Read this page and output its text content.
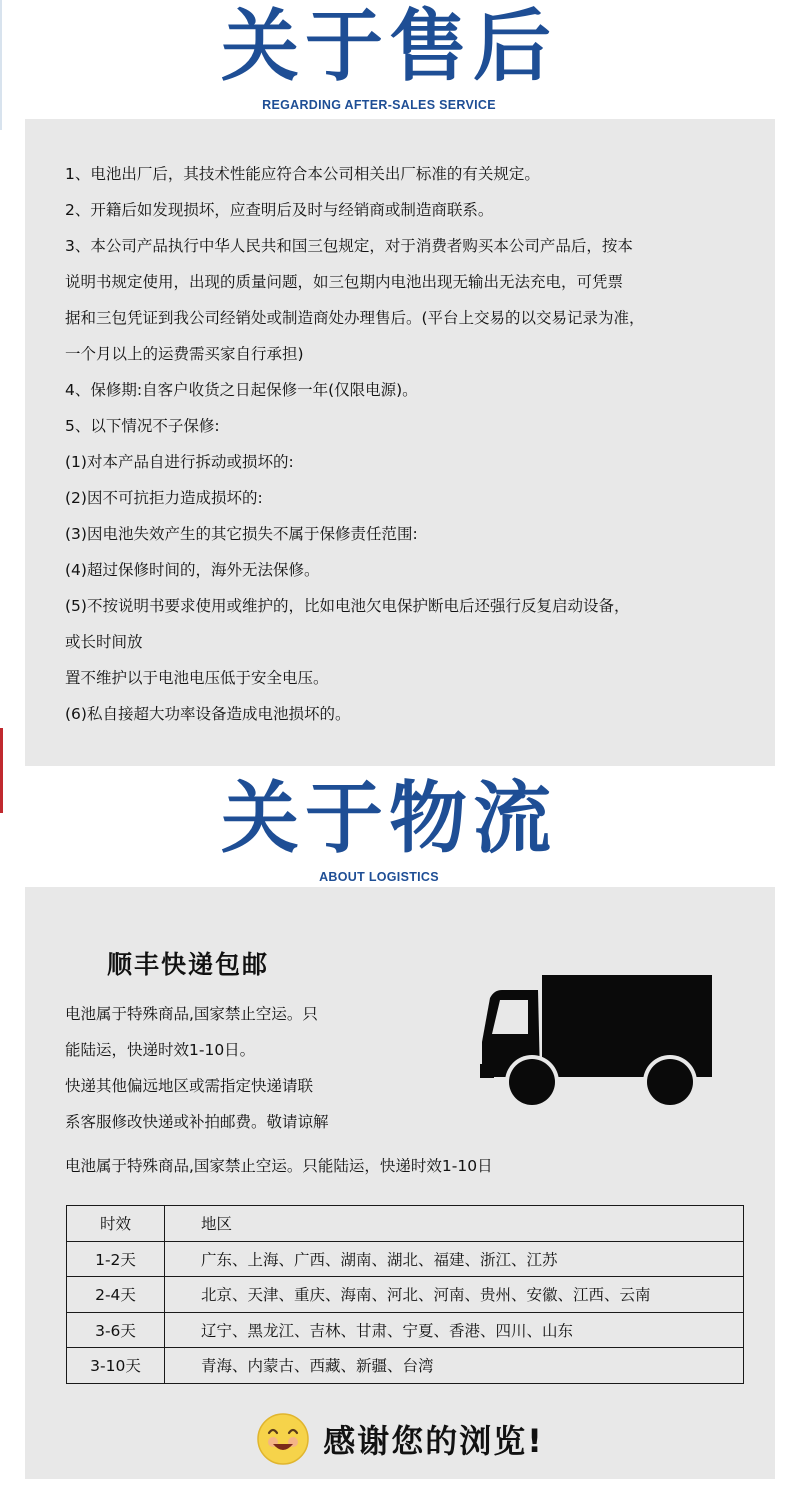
关于售后
REGARDING AFTER-SALES SERVICE
1、电池出厂后，其技术性能应符合本公司相关出厂标准的有关规定。
2、开籍后如发现损坏，应查明后及时与经销商或制造商联系。
3、本公司产品执行中华人民共和国三包规定，对于消费者购买本公司产品后，按本
说明书规定使用，出现的质量问题，如三包期内电池出现无输出无法充电，可凭票
据和三包凭证到我公司经销处或制造商处办理售后。(平台上交易的以交易记录为准，
一个月以上的运费需买家自行承担)
4、保修期:自客户收货之日起保修一年(仅限电源)。
5、以下情况不子保修:
(1)对本产品自进行拆动或损坏的:
(2)因不可抗拒力造成损坏的:
(3)因电池失效产生的其它损失不属于保修责任范围:
(4)超过保修时间的，海外无法保修。
(5)不按说明书要求使用或维护的，比如电池欠电保护断电后还强行反复启动设备，
或长时间放
置不维护以于电池电压低于安全电压。
(6)私自接超大功率设备造成电池损坏的。
关于物流
ABOUT LOGISTICS
顺丰快递包邮
电池属于特殊商品,国家禁止空运。只
能陆运，快递时效1-10日。
快递其他偏远地区或需指定快递请联
系客服修改快递或补拍邮费。敬请谅解
电池属于特殊商品,国家禁止空运。只能陆运，快递时效1-10日
时效	地区
1-2天	广东、上海、广西、湖南、湖北、福建、浙江、江苏
2-4天	北京、天津、重庆、海南、河北、河南、贵州、安徽、江西、云南
3-6天	辽宁、黑龙江、吉林、甘肃、宁夏、香港、四川、山东
3-10天	青海、内蒙古、西藏、新疆、台湾
感谢您的浏览!
